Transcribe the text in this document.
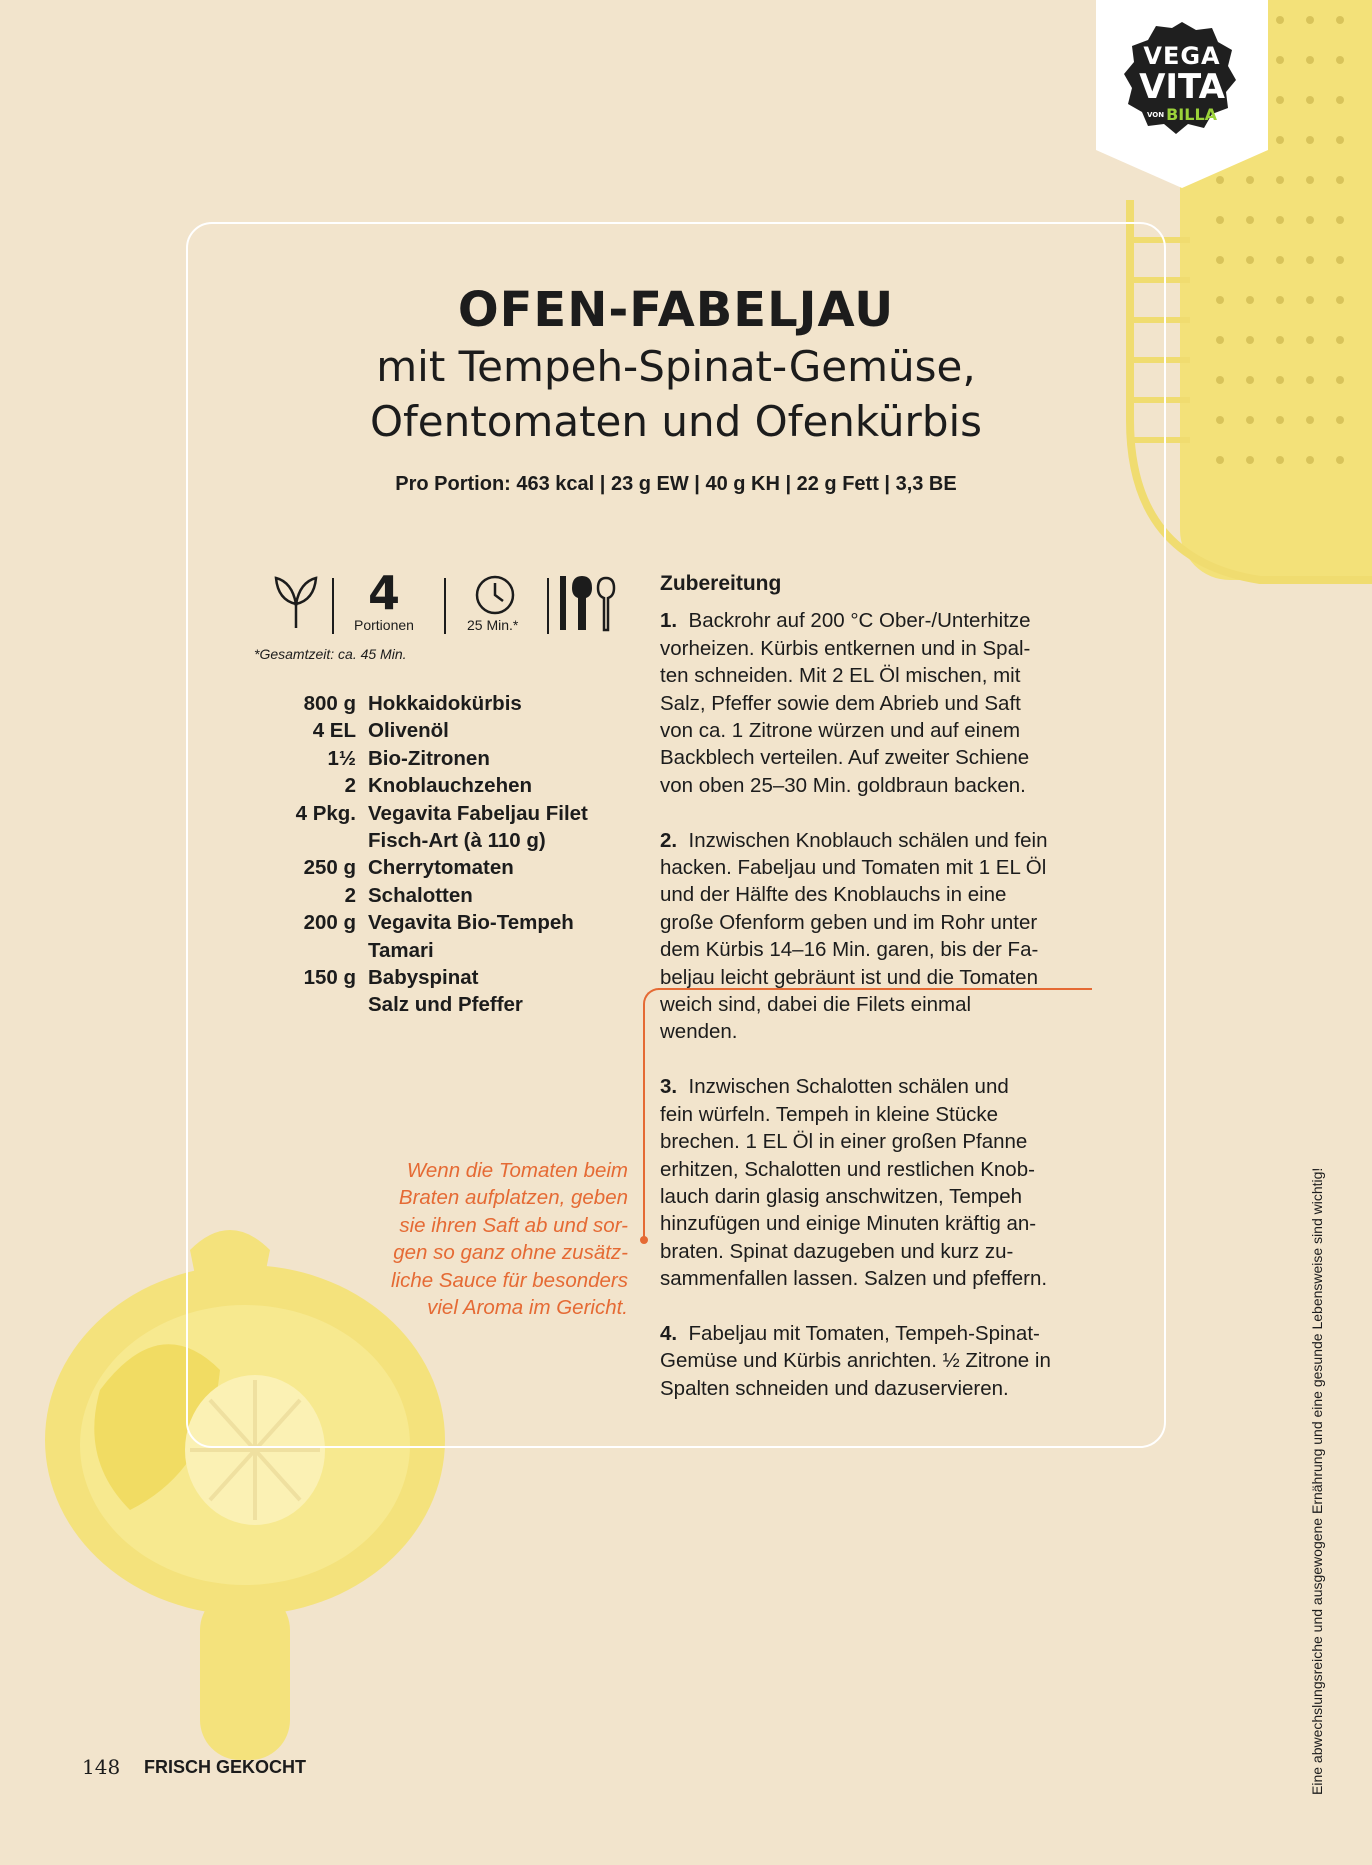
VEGA
VITA
VON BILLA
OFEN-FABELJAU
mit Tempeh-Spinat-Gemüse,
Ofentomaten und Ofenkürbis
Pro Portion: 463 kcal | 23 g EW | 40 g KH | 22 g Fett | 3,3 BE
4
Portionen	25 Min.*
*Gesamtzeit: ca. 45 Min.
800 g Hokkaidokürbis
4 EL Olivenöl
1½ Bio-Zitronen
2 Knoblauchzehen
4 Pkg. Vegavita Fabeljau Filet
Fisch-Art (à 110 g)
250 g Cherrytomaten
2 Schalotten
200 g Vegavita Bio-Tempeh
Tamari
150 g Babyspinat
Salz und Pfeffer
Wenn die Tomaten beim
Braten aufplatzen, geben
sie ihren Saft ab und sor-
gen so ganz ohne zusätz-
liche Sauce für besonders
viel Aroma im Gericht.
Zubereitung
1. Backrohr auf 200 °C Ober-/Unterhitze
vorheizen. Kürbis entkernen und in Spal-
ten schneiden. Mit 2 EL Öl mischen, mit
Salz, Pfeffer sowie dem Abrieb und Saft
von ca. 1 Zitrone würzen und auf einem
Backblech verteilen. Auf zweiter Schiene
von oben 25–30 Min. goldbraun backen.
2. Inzwischen Knoblauch schälen und fein
hacken. Fabeljau und Tomaten mit 1 EL Öl
und der Hälfte des Knoblauchs in eine
große Ofenform geben und im Rohr unter
dem Kürbis 14–16 Min. garen, bis der Fa-
beljau leicht gebräunt ist und die Tomaten
weich sind, dabei die Filets einmal
wenden.
3. Inzwischen Schalotten schälen und
fein würfeln. Tempeh in kleine Stücke
brechen. 1 EL Öl in einer großen Pfanne
erhitzen, Schalotten und restlichen Knob-
lauch darin glasig anschwitzen, Tempeh
hinzufügen und einige Minuten kräftig an-
braten. Spinat dazugeben und kurz zu-
sammenfallen lassen. Salzen und pfeffern.
4. Fabeljau mit Tomaten, Tempeh-Spinat-
Gemüse und Kürbis anrichten. ½ Zitrone in
Spalten schneiden und dazuservieren.	Eine abwechslungsreiche und ausgewogene Ernährung und eine gesunde Lebensweise sind wichtig!
148 FRISCH GEKOCHT
